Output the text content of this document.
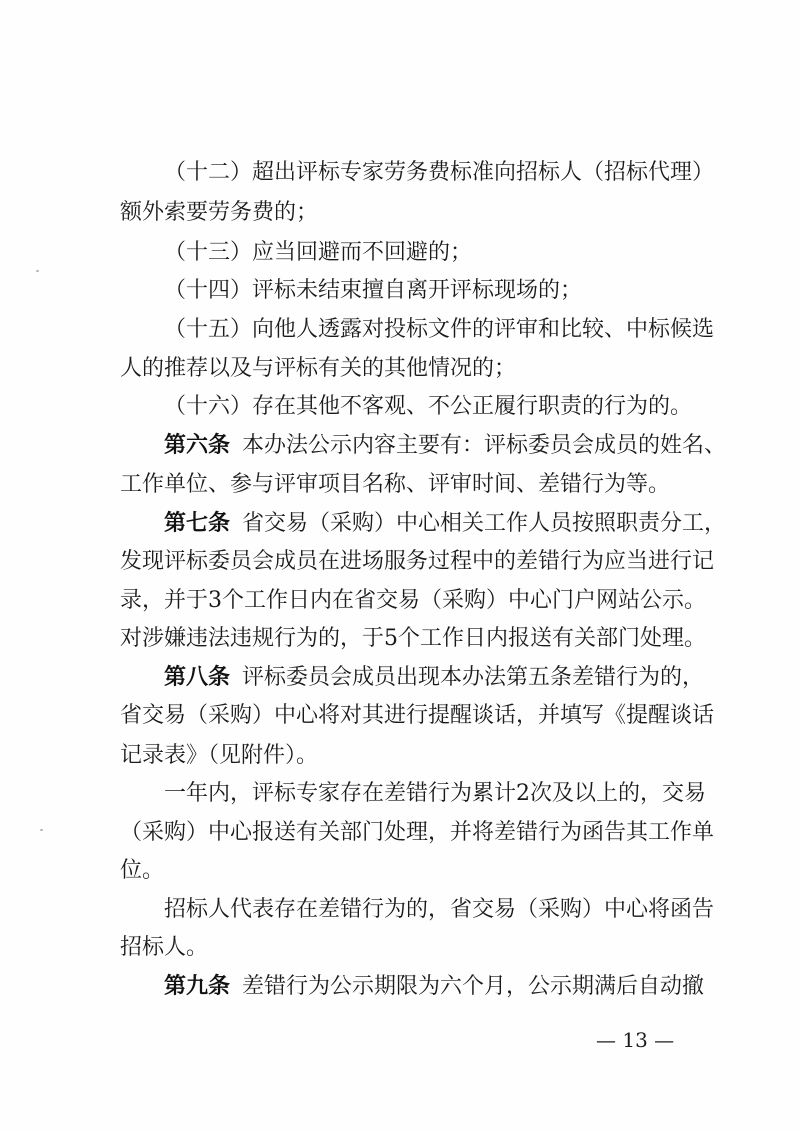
（十二）超出评标专家劳务费标准向招标人（招标代理）
额外索要劳务费的；
（十三）应当回避而不回避的；
（十四）评标未结束擅自离开评标现场的；
（十五）向他人透露对投标文件的评审和比较、中标候选
人的推荐以及与评标有关的其他情况的；
（十六）存在其他不客观、不公正履行职责的行为的。
第六条 本办法公示内容主要有：评标委员会成员的姓名、
工作单位、参与评审项目名称、评审时间、差错行为等。
第七条 省交易（采购）中心相关工作人员按照职责分工，
发现评标委员会成员在进场服务过程中的差错行为应当进行记
录，并于3个工作日内在省交易（采购）中心门户网站公示。
对涉嫌违法违规行为的，于5个工作日内报送有关部门处理。
第八条 评标委员会成员出现本办法第五条差错行为的，
省交易（采购）中心将对其进行提醒谈话，并填写《提醒谈话
记录表》（见附件）。
一年内，评标专家存在差错行为累计2次及以上的，交易
（采购）中心报送有关部门处理，并将差错行为函告其工作单
位。
招标人代表存在差错行为的，省交易（采购）中心将函告
招标人。
第九条 差错行为公示期限为六个月，公示期满后自动撤
— 13 —
